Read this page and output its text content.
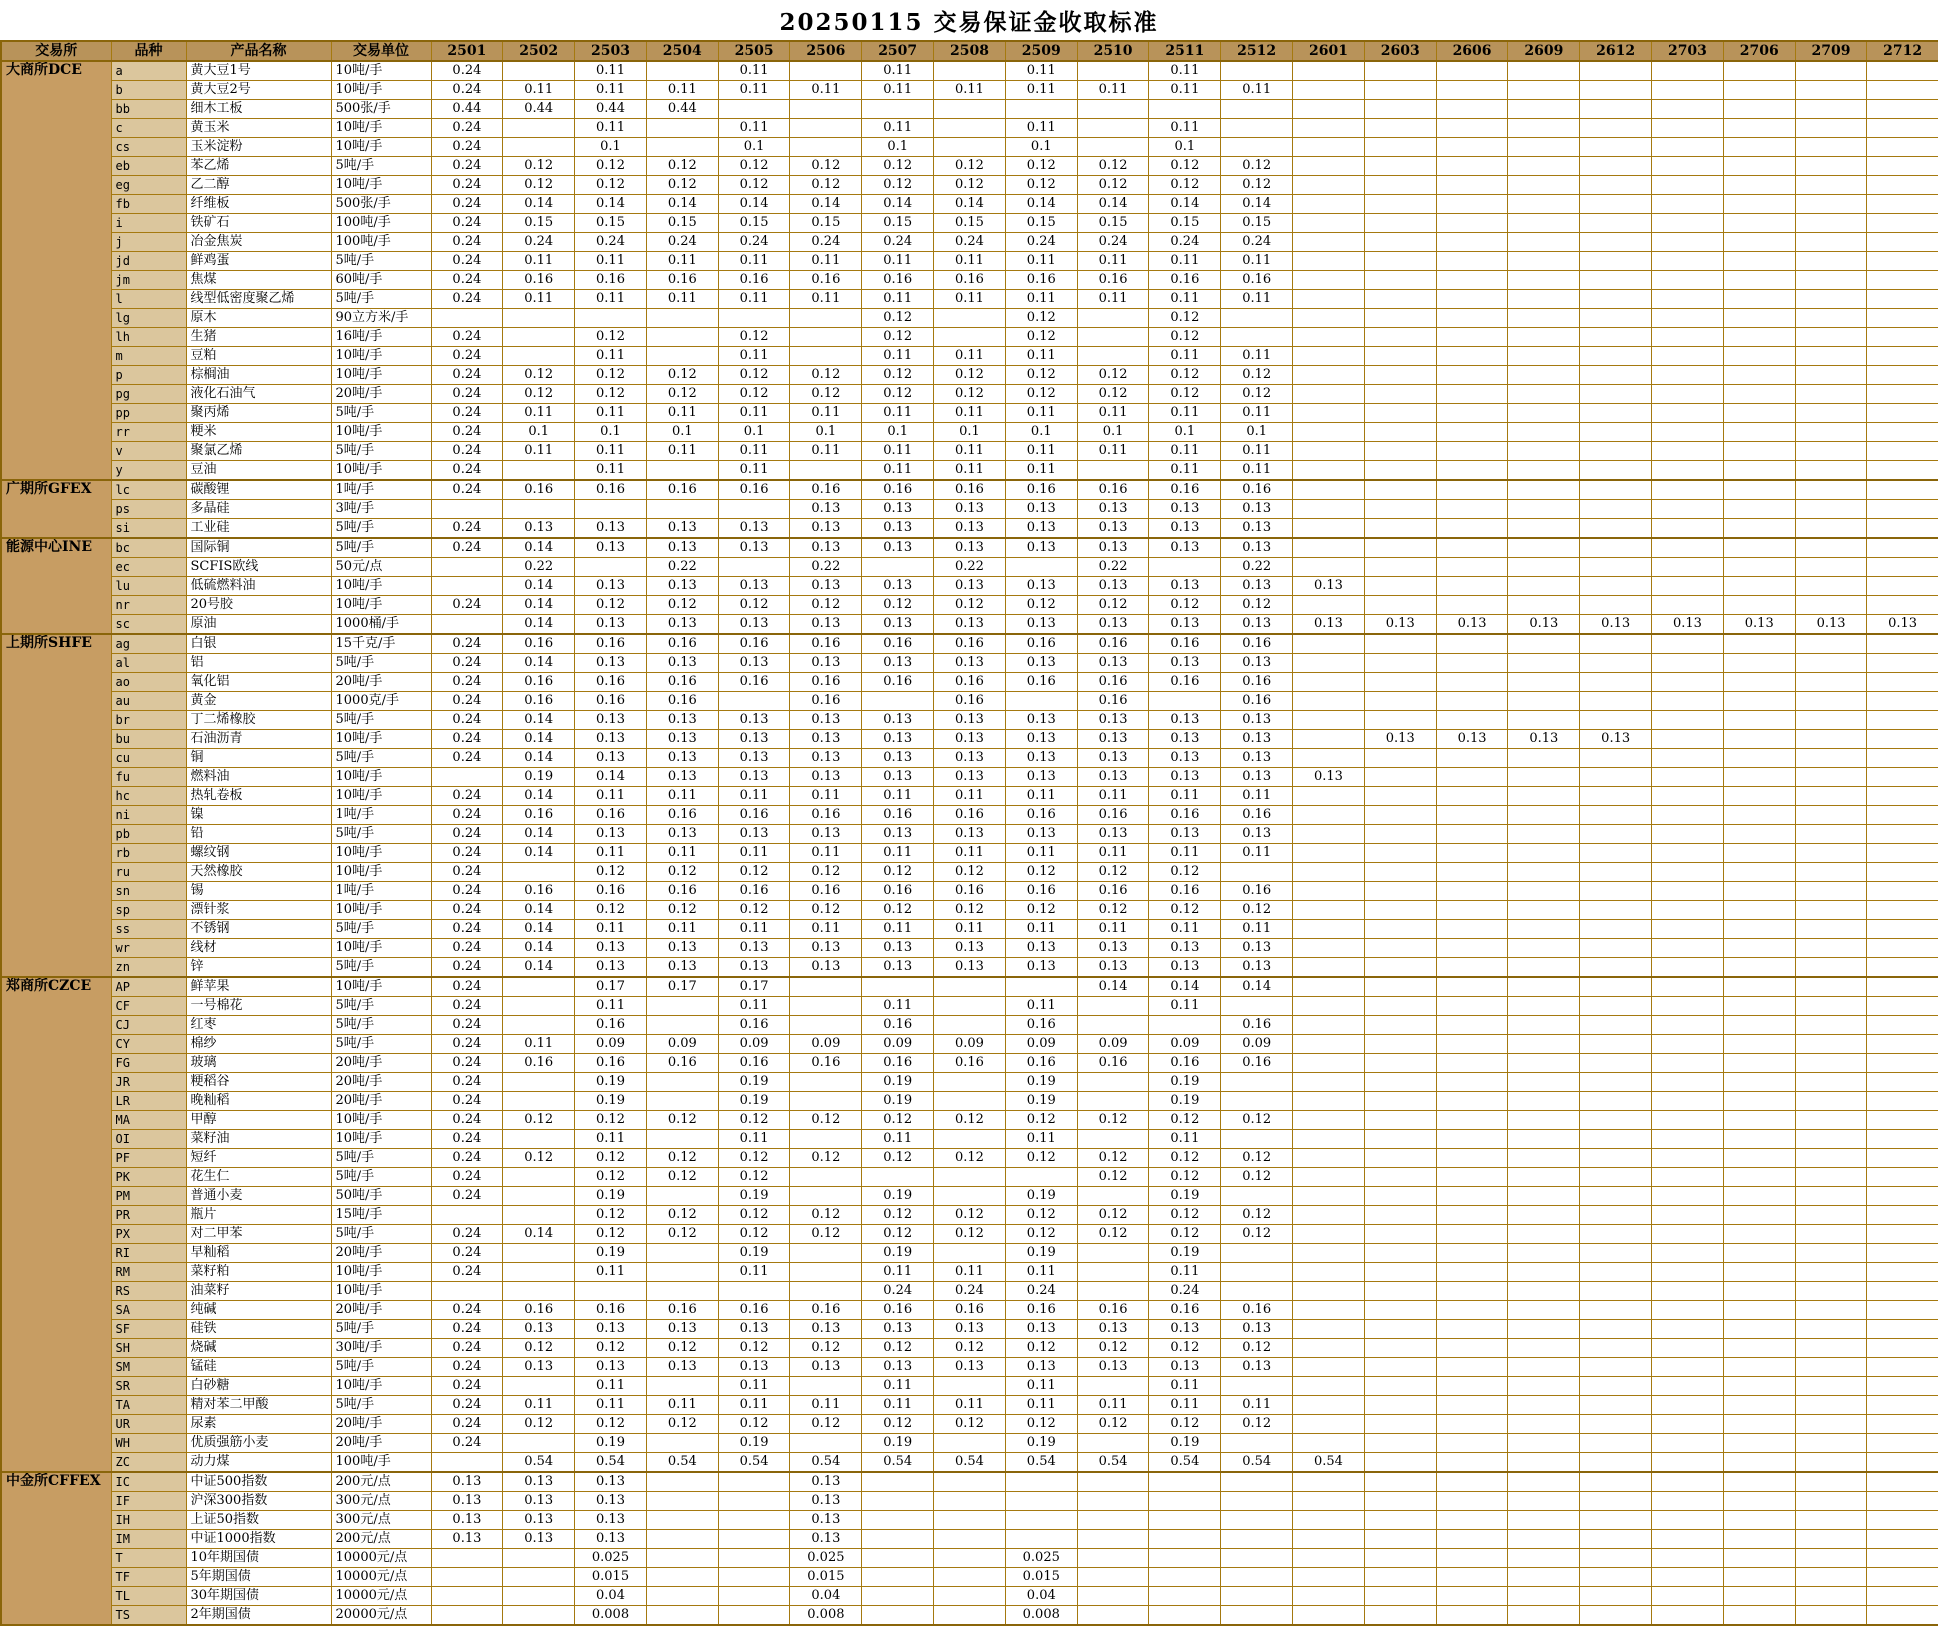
20250115 交易保证金收取标准
交易所	品种	产品名称	交易单位	2501	2502	2503	2504	2505	2506	2507	2508	2509	2510	2511	2512	2601	2603	2606	2609	2612	2703	2706	2709	2712
大商所DCE	a	黄大豆1号	10吨/手	0.24		0.11		0.11		0.11		0.11		0.11										
	b	黄大豆2号	10吨/手	0.24	0.11	0.11	0.11	0.11	0.11	0.11	0.11	0.11	0.11	0.11	0.11									
	bb	细木工板	500张/手	0.44	0.44	0.44	0.44																	
	c	黄玉米	10吨/手	0.24		0.11		0.11		0.11		0.11		0.11										
	cs	玉米淀粉	10吨/手	0.24		0.1		0.1		0.1		0.1		0.1										
	eb	苯乙烯	5吨/手	0.24	0.12	0.12	0.12	0.12	0.12	0.12	0.12	0.12	0.12	0.12	0.12									
	eg	乙二醇	10吨/手	0.24	0.12	0.12	0.12	0.12	0.12	0.12	0.12	0.12	0.12	0.12	0.12									
	fb	纤维板	500张/手	0.24	0.14	0.14	0.14	0.14	0.14	0.14	0.14	0.14	0.14	0.14	0.14									
	i	铁矿石	100吨/手	0.24	0.15	0.15	0.15	0.15	0.15	0.15	0.15	0.15	0.15	0.15	0.15									
	j	冶金焦炭	100吨/手	0.24	0.24	0.24	0.24	0.24	0.24	0.24	0.24	0.24	0.24	0.24	0.24									
	jd	鲜鸡蛋	5吨/手	0.24	0.11	0.11	0.11	0.11	0.11	0.11	0.11	0.11	0.11	0.11	0.11									
	jm	焦煤	60吨/手	0.24	0.16	0.16	0.16	0.16	0.16	0.16	0.16	0.16	0.16	0.16	0.16									
	l	线型低密度聚乙烯	5吨/手	0.24	0.11	0.11	0.11	0.11	0.11	0.11	0.11	0.11	0.11	0.11	0.11									
	lg	原木	90立方米/手							0.12		0.12		0.12										
	lh	生猪	16吨/手	0.24		0.12		0.12		0.12		0.12		0.12										
	m	豆粕	10吨/手	0.24		0.11		0.11		0.11	0.11	0.11		0.11	0.11									
	p	棕榈油	10吨/手	0.24	0.12	0.12	0.12	0.12	0.12	0.12	0.12	0.12	0.12	0.12	0.12									
	pg	液化石油气	20吨/手	0.24	0.12	0.12	0.12	0.12	0.12	0.12	0.12	0.12	0.12	0.12	0.12									
	pp	聚丙烯	5吨/手	0.24	0.11	0.11	0.11	0.11	0.11	0.11	0.11	0.11	0.11	0.11	0.11									
	rr	粳米	10吨/手	0.24	0.1	0.1	0.1	0.1	0.1	0.1	0.1	0.1	0.1	0.1	0.1									
	v	聚氯乙烯	5吨/手	0.24	0.11	0.11	0.11	0.11	0.11	0.11	0.11	0.11	0.11	0.11	0.11									
	y	豆油	10吨/手	0.24		0.11		0.11		0.11	0.11	0.11		0.11	0.11									
广期所GFEX	lc	碳酸锂	1吨/手	0.24	0.16	0.16	0.16	0.16	0.16	0.16	0.16	0.16	0.16	0.16	0.16									
	ps	多晶硅	3吨/手						0.13	0.13	0.13	0.13	0.13	0.13	0.13									
	si	工业硅	5吨/手	0.24	0.13	0.13	0.13	0.13	0.13	0.13	0.13	0.13	0.13	0.13	0.13									
能源中心INE	bc	国际铜	5吨/手	0.24	0.14	0.13	0.13	0.13	0.13	0.13	0.13	0.13	0.13	0.13	0.13									
	ec	SCFIS欧线	50元/点		0.22		0.22		0.22		0.22		0.22		0.22									
	lu	低硫燃料油	10吨/手		0.14	0.13	0.13	0.13	0.13	0.13	0.13	0.13	0.13	0.13	0.13	0.13								
	nr	20号胶	10吨/手	0.24	0.14	0.12	0.12	0.12	0.12	0.12	0.12	0.12	0.12	0.12	0.12									
	sc	原油	1000桶/手		0.14	0.13	0.13	0.13	0.13	0.13	0.13	0.13	0.13	0.13	0.13	0.13	0.13	0.13	0.13	0.13	0.13	0.13	0.13	0.13
上期所SHFE	ag	白银	15千克/手	0.24	0.16	0.16	0.16	0.16	0.16	0.16	0.16	0.16	0.16	0.16	0.16									
	al	铝	5吨/手	0.24	0.14	0.13	0.13	0.13	0.13	0.13	0.13	0.13	0.13	0.13	0.13									
	ao	氧化铝	20吨/手	0.24	0.16	0.16	0.16	0.16	0.16	0.16	0.16	0.16	0.16	0.16	0.16									
	au	黄金	1000克/手	0.24	0.16	0.16	0.16		0.16		0.16		0.16		0.16									
	br	丁二烯橡胶	5吨/手	0.24	0.14	0.13	0.13	0.13	0.13	0.13	0.13	0.13	0.13	0.13	0.13									
	bu	石油沥青	10吨/手	0.24	0.14	0.13	0.13	0.13	0.13	0.13	0.13	0.13	0.13	0.13	0.13		0.13	0.13	0.13	0.13				
	cu	铜	5吨/手	0.24	0.14	0.13	0.13	0.13	0.13	0.13	0.13	0.13	0.13	0.13	0.13									
	fu	燃料油	10吨/手		0.19	0.14	0.13	0.13	0.13	0.13	0.13	0.13	0.13	0.13	0.13	0.13								
	hc	热轧卷板	10吨/手	0.24	0.14	0.11	0.11	0.11	0.11	0.11	0.11	0.11	0.11	0.11	0.11									
	ni	镍	1吨/手	0.24	0.16	0.16	0.16	0.16	0.16	0.16	0.16	0.16	0.16	0.16	0.16									
	pb	铅	5吨/手	0.24	0.14	0.13	0.13	0.13	0.13	0.13	0.13	0.13	0.13	0.13	0.13									
	rb	螺纹钢	10吨/手	0.24	0.14	0.11	0.11	0.11	0.11	0.11	0.11	0.11	0.11	0.11	0.11									
	ru	天然橡胶	10吨/手	0.24		0.12	0.12	0.12	0.12	0.12	0.12	0.12	0.12	0.12										
	sn	锡	1吨/手	0.24	0.16	0.16	0.16	0.16	0.16	0.16	0.16	0.16	0.16	0.16	0.16									
	sp	漂针浆	10吨/手	0.24	0.14	0.12	0.12	0.12	0.12	0.12	0.12	0.12	0.12	0.12	0.12									
	ss	不锈钢	5吨/手	0.24	0.14	0.11	0.11	0.11	0.11	0.11	0.11	0.11	0.11	0.11	0.11									
	wr	线材	10吨/手	0.24	0.14	0.13	0.13	0.13	0.13	0.13	0.13	0.13	0.13	0.13	0.13									
	zn	锌	5吨/手	0.24	0.14	0.13	0.13	0.13	0.13	0.13	0.13	0.13	0.13	0.13	0.13									
郑商所CZCE	AP	鲜苹果	10吨/手	0.24		0.17	0.17	0.17					0.14	0.14	0.14									
	CF	一号棉花	5吨/手	0.24		0.11		0.11		0.11		0.11		0.11										
	CJ	红枣	5吨/手	0.24		0.16		0.16		0.16		0.16			0.16									
	CY	棉纱	5吨/手	0.24	0.11	0.09	0.09	0.09	0.09	0.09	0.09	0.09	0.09	0.09	0.09									
	FG	玻璃	20吨/手	0.24	0.16	0.16	0.16	0.16	0.16	0.16	0.16	0.16	0.16	0.16	0.16									
	JR	粳稻谷	20吨/手	0.24		0.19		0.19		0.19		0.19		0.19										
	LR	晚籼稻	20吨/手	0.24		0.19		0.19		0.19		0.19		0.19										
	MA	甲醇	10吨/手	0.24	0.12	0.12	0.12	0.12	0.12	0.12	0.12	0.12	0.12	0.12	0.12									
	OI	菜籽油	10吨/手	0.24		0.11		0.11		0.11		0.11		0.11										
	PF	短纤	5吨/手	0.24	0.12	0.12	0.12	0.12	0.12	0.12	0.12	0.12	0.12	0.12	0.12									
	PK	花生仁	5吨/手	0.24		0.12	0.12	0.12					0.12	0.12	0.12									
	PM	普通小麦	50吨/手	0.24		0.19		0.19		0.19		0.19		0.19										
	PR	瓶片	15吨/手			0.12	0.12	0.12	0.12	0.12	0.12	0.12	0.12	0.12	0.12									
	PX	对二甲苯	5吨/手	0.24	0.14	0.12	0.12	0.12	0.12	0.12	0.12	0.12	0.12	0.12	0.12									
	RI	早籼稻	20吨/手	0.24		0.19		0.19		0.19		0.19		0.19										
	RM	菜籽粕	10吨/手	0.24		0.11		0.11		0.11	0.11	0.11		0.11										
	RS	油菜籽	10吨/手							0.24	0.24	0.24		0.24										
	SA	纯碱	20吨/手	0.24	0.16	0.16	0.16	0.16	0.16	0.16	0.16	0.16	0.16	0.16	0.16									
	SF	硅铁	5吨/手	0.24	0.13	0.13	0.13	0.13	0.13	0.13	0.13	0.13	0.13	0.13	0.13									
	SH	烧碱	30吨/手	0.24	0.12	0.12	0.12	0.12	0.12	0.12	0.12	0.12	0.12	0.12	0.12									
	SM	锰硅	5吨/手	0.24	0.13	0.13	0.13	0.13	0.13	0.13	0.13	0.13	0.13	0.13	0.13									
	SR	白砂糖	10吨/手	0.24		0.11		0.11		0.11		0.11		0.11										
	TA	精对苯二甲酸	5吨/手	0.24	0.11	0.11	0.11	0.11	0.11	0.11	0.11	0.11	0.11	0.11	0.11									
	UR	尿素	20吨/手	0.24	0.12	0.12	0.12	0.12	0.12	0.12	0.12	0.12	0.12	0.12	0.12									
	WH	优质强筋小麦	20吨/手	0.24		0.19		0.19		0.19		0.19		0.19										
	ZC	动力煤	100吨/手		0.54	0.54	0.54	0.54	0.54	0.54	0.54	0.54	0.54	0.54	0.54	0.54								
中金所CFFEX	IC	中证500指数	200元/点	0.13	0.13	0.13			0.13															
	IF	沪深300指数	300元/点	0.13	0.13	0.13			0.13															
	IH	上证50指数	300元/点	0.13	0.13	0.13			0.13															
	IM	中证1000指数	200元/点	0.13	0.13	0.13			0.13															
	T	10年期国债	10000元/点			0.025			0.025			0.025												
	TF	5年期国债	10000元/点			0.015			0.015			0.015												
	TL	30年期国债	10000元/点			0.04			0.04			0.04												
	TS	2年期国债	20000元/点			0.008			0.008			0.008												
